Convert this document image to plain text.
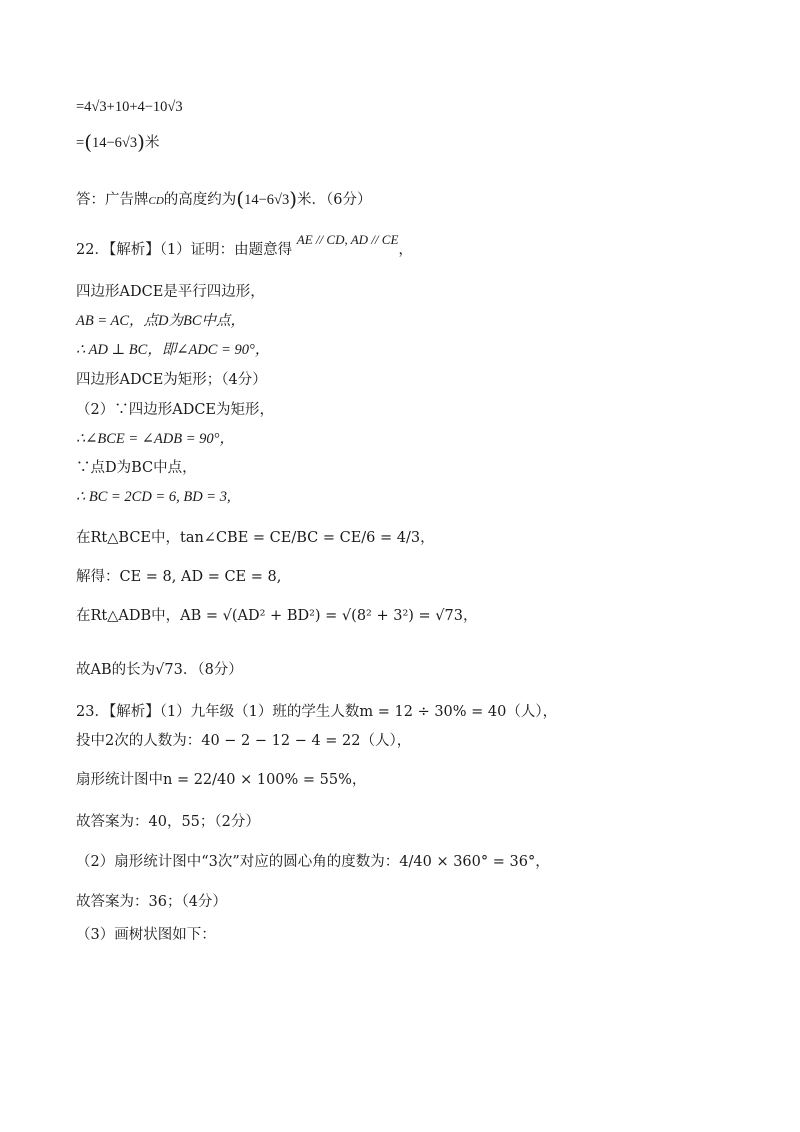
=4√3+10+4−10√3
=(14−6√3)米
答：广告牌CD的高度约为(14−6√3)米．（6分）
22．【解析】（1）证明：由题意得 AE // CD, AD // CE，
四边形ADCE是平行四边形，
AB = AC，点D为BC中点，
∴ AD ⊥ BC，即∠ADC = 90°，
四边形ADCE为矩形；（4分）
（2）∵四边形ADCE为矩形，
∴∠BCE = ∠ADB = 90°，
∵点D为BC中点，
∴ BC = 2CD = 6, BD = 3,
在Rt△BCE中，tan∠CBE = CE/BC = CE/6 = 4/3，
解得：CE = 8, AD = CE = 8,
在Rt△ADB中，AB = √(AD² + BD²) = √(8² + 3²) = √73，
故AB的长为√73．（8分）
23．【解析】（1）九年级（1）班的学生人数m = 12 ÷ 30% = 40（人），
投中2次的人数为：40 − 2 − 12 − 4 = 22（人），
扇形统计图中n = 22/40 × 100% = 55%，
故答案为：40，55；（2分）
（2）扇形统计图中“3次”对应的圆心角的度数为：4/40 × 360° = 36°，
故答案为：36；（4分）
（3）画树状图如下：
